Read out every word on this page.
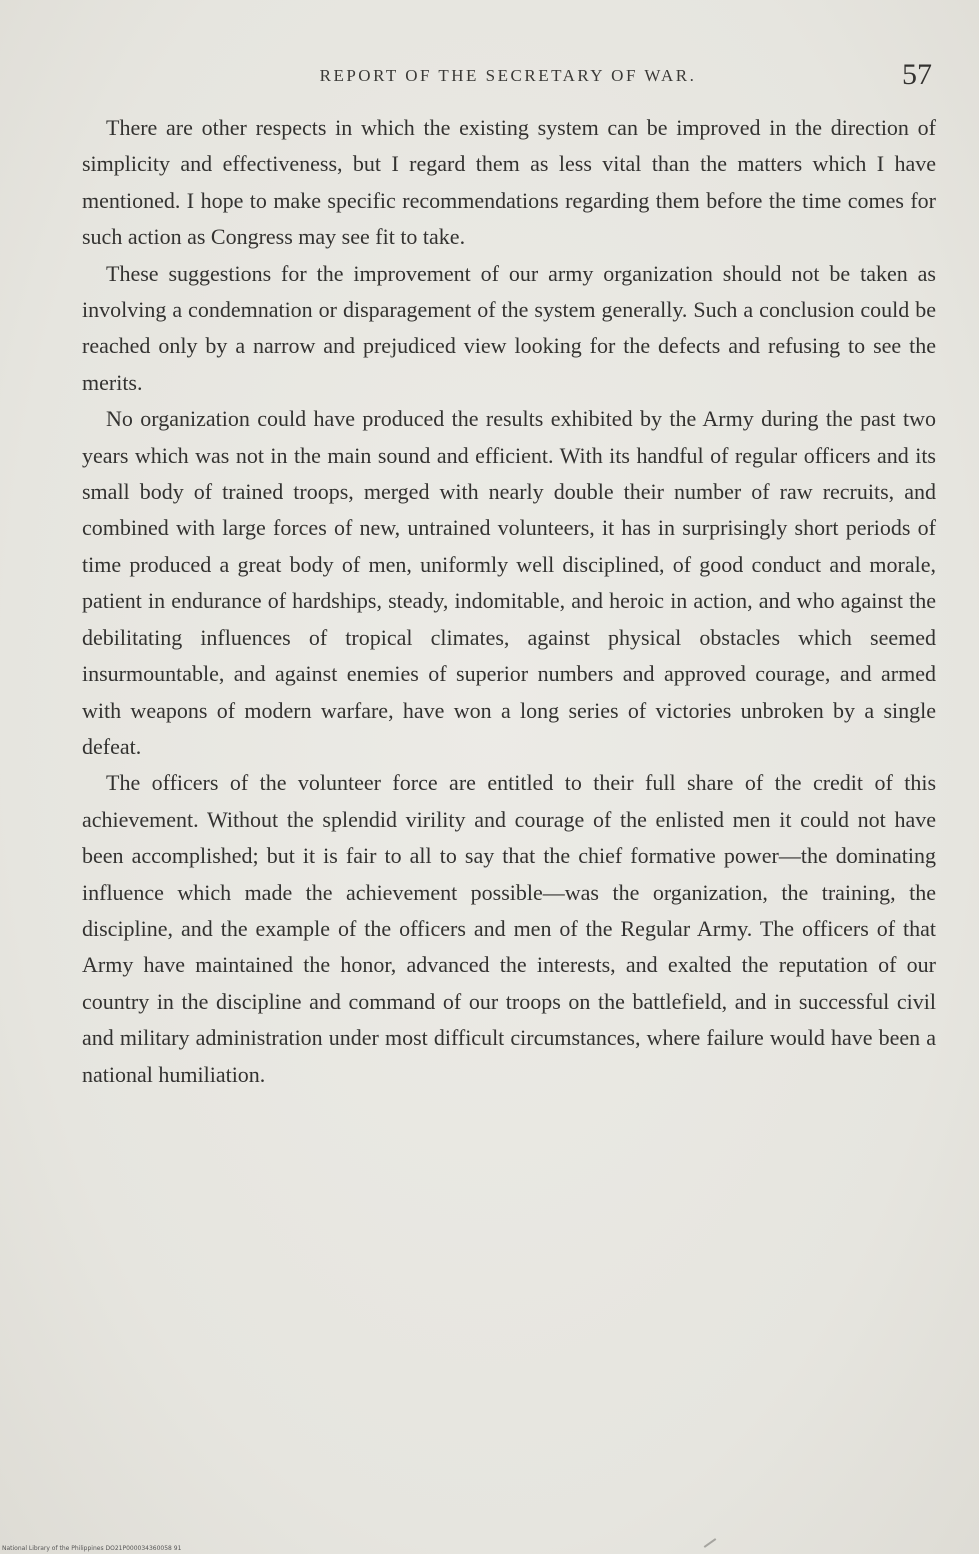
REPORT OF THE SECRETARY OF WAR.	57

There are other respects in which the existing system can be improved in the direction of simplicity and effectiveness, but I regard them as less vital than the matters which I have mentioned. I hope to make specific recommendations regarding them before the time comes for such action as Congress may see fit to take.

These suggestions for the improvement of our army organization should not be taken as involving a condemnation or disparagement of the system generally. Such a conclusion could be reached only by a narrow and prejudiced view looking for the defects and refusing to see the merits.

No organization could have produced the results exhibited by the Army during the past two years which was not in the main sound and efficient. With its handful of regular officers and its small body of trained troops, merged with nearly double their number of raw recruits, and combined with large forces of new, untrained volunteers, it has in surprisingly short periods of time produced a great body of men, uniformly well disciplined, of good conduct and morale, patient in endurance of hardships, steady, indomitable, and heroic in action, and who against the debilitating influences of tropical climates, against physical obstacles which seemed insurmountable, and against enemies of superior numbers and approved courage, and armed with weapons of modern warfare, have won a long series of victories unbroken by a single defeat.

The officers of the volunteer force are entitled to their full share of the credit of this achievement. Without the splendid virility and courage of the enlisted men it could not have been accomplished; but it is fair to all to say that the chief formative power—the dominating influence which made the achievement possible—was the organization, the training, the discipline, and the example of the officers and men of the Regular Army. The officers of that Army have maintained the honor, advanced the interests, and exalted the reputation of our country in the discipline and command of our troops on the battlefield, and in successful civil and military administration under most difficult circumstances, where failure would have been a national humiliation.

National Library of the Philippines DO21P000034360058 91
